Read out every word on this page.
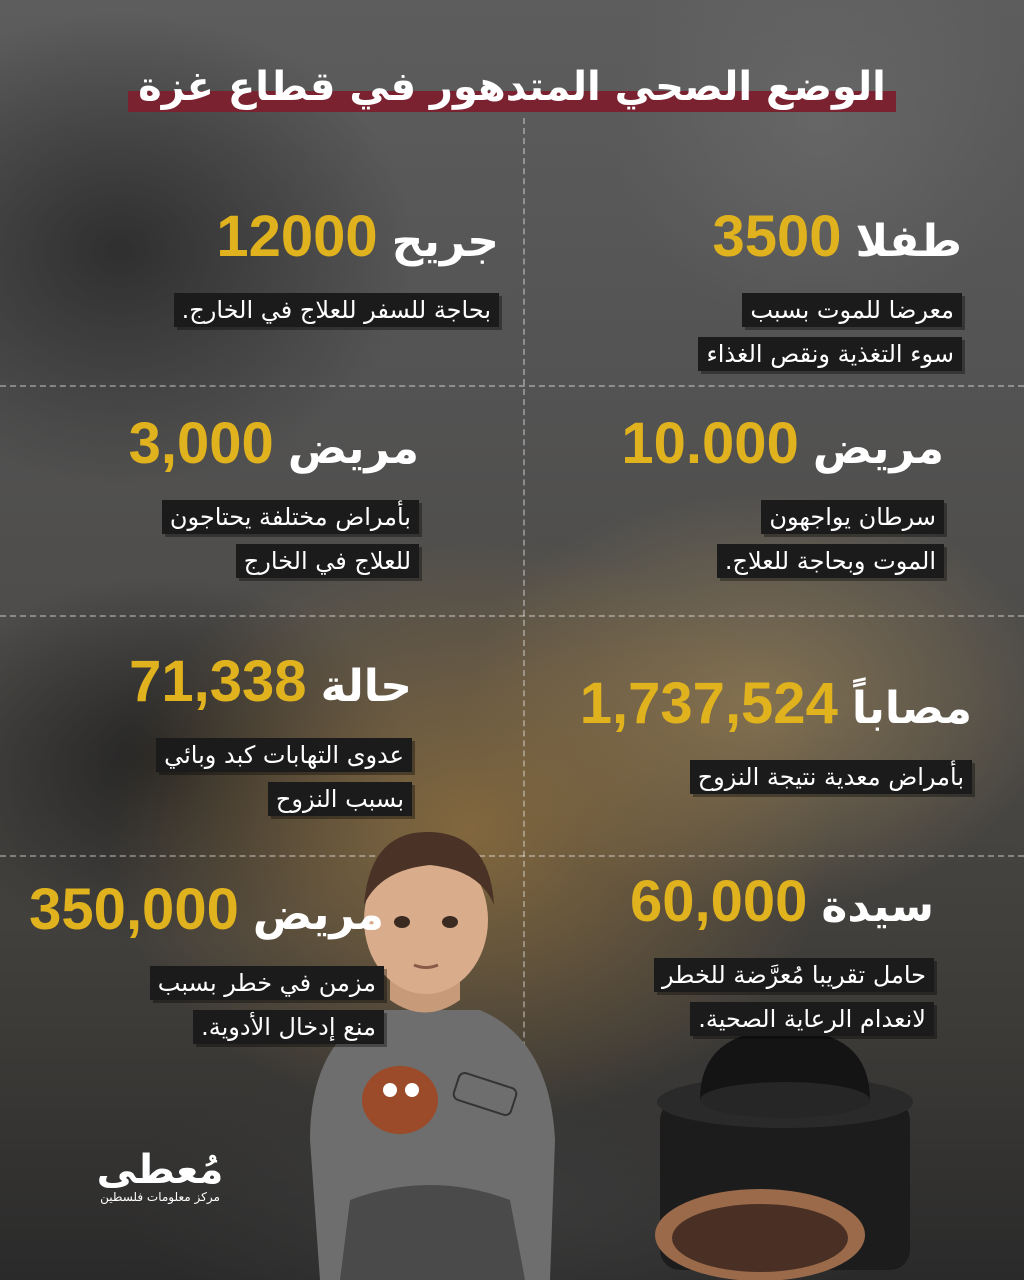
الوضع الصحي المتدهور في قطاع غزة
طفلا3500
معرضا للموت بسبب
سوء التغذية ونقص الغذاء
جريح12000
بحاجة للسفر للعلاج في الخارج.
مريض10.000
سرطان يواجهون
الموت وبحاجة للعلاج.
مريض3,000
بأمراض مختلفة يحتاجون
للعلاج في الخارج
مصاباً1,737,524
بأمراض معدية نتيجة النزوح
حالة71,338
عدوى التهابات كبد وبائي
بسبب النزوح
سيدة60,000
حامل تقريبا مُعرَّضة للخطر
لانعدام الرعاية الصحية.
مريض350,000
مزمن في خطر بسبب
منع إدخال الأدوية.
مُعطى
مركز معلومات فلسطين
